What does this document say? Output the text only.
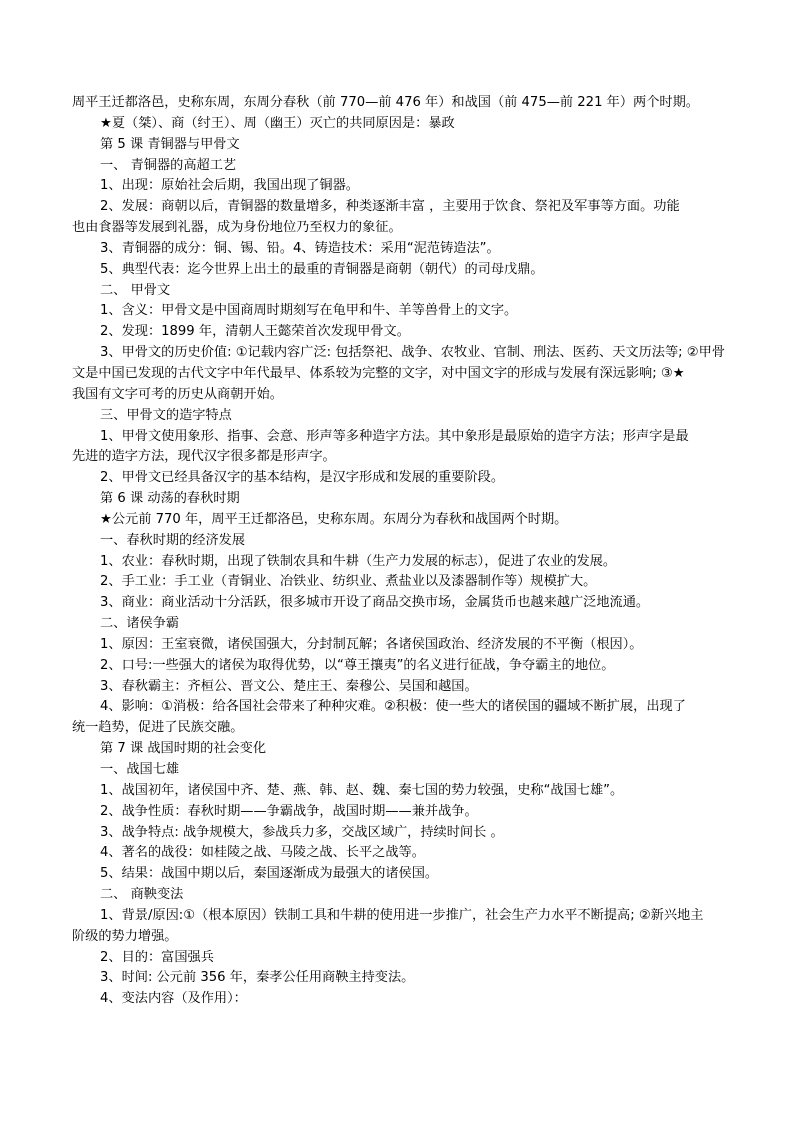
周平王迁都洛邑，史称东周，东周分春秋（前 770—前 476 年）和战国（前 475—前 221 年）两个时期。
★夏（桀）、商（纣王）、周（幽王）灭亡的共同原因是：暴政
第 5 课 青铜器与甲骨文
一、 青铜器的高超工艺
1、出现：原始社会后期，我国出现了铜器。
2、发展：商朝以后，青铜器的数量增多，种类逐渐丰富 ，主要用于饮食、祭祀及军事等方面。功能
也由食器等发展到礼器，成为身份地位乃至权力的象征。
3、青铜器的成分：铜、锡、铅。4、铸造技术：采用“泥范铸造法”。
5、典型代表：迄今世界上出土的最重的青铜器是商朝（朝代）的司母戊鼎。
二、 甲骨文
1、含义：甲骨文是中国商周时期刻写在龟甲和牛、羊等兽骨上的文字。
2、发现：1899 年，清朝人王懿荣首次发现甲骨文。
3、甲骨文的历史价值: ①记载内容广泛: 包括祭祀、战争、农牧业、官制、刑法、医药、天文历法等; ②甲骨
文是中国已发现的古代文字中年代最早、体系较为完整的文字，对中国文字的形成与发展有深远影响; ③★
我国有文字可考的历史从商朝开始。
三、甲骨文的造字特点
1、甲骨文使用象形、指事、会意、形声等多种造字方法。其中象形是最原始的造字方法；形声字是最
先进的造字方法，现代汉字很多都是形声字。
2、甲骨文已经具备汉字的基本结构，是汉字形成和发展的重要阶段。
第 6 课 动荡的春秋时期
★公元前 770 年，周平王迁都洛邑，史称东周。东周分为春秋和战国两个时期。
一、春秋时期的经济发展
1、农业：春秋时期，出现了铁制农具和牛耕（生产力发展的标志），促进了农业的发展。
2、手工业：手工业（青铜业、冶铁业、纺织业、煮盐业以及漆器制作等）规模扩大。
3、商业：商业活动十分活跃，很多城市开设了商品交换市场，金属货币也越来越广泛地流通。
二、诸侯争霸
1、原因：王室衰微，诸侯国强大，分封制瓦解；各诸侯国政治、经济发展的不平衡（根因）。
2、口号:一些强大的诸侯为取得优势，以“尊王攘夷”的名义进行征战，争夺霸主的地位。
3、春秋霸主：齐桓公、晋文公、楚庄王、秦穆公、吴国和越国。
4、影响：①消极：给各国社会带来了种种灾难。②积极：使一些大的诸侯国的疆域不断扩展，出现了
统一趋势，促进了民族交融。
第 7 课 战国时期的社会变化
一、战国七雄
1、战国初年，诸侯国中齐、楚、燕、韩、赵、魏、秦七国的势力较强，史称“战国七雄”。
2、战争性质：春秋时期——争霸战争，战国时期——兼并战争。
3、战争特点: 战争规模大，参战兵力多，交战区域广，持续时间长 。
4、著名的战役：如桂陵之战、马陵之战、长平之战等。
5、结果：战国中期以后，秦国逐渐成为最强大的诸侯国。
二、 商鞅变法
1、背景/原因:①（根本原因）铁制工具和牛耕的使用进一步推广，社会生产力水平不断提高; ②新兴地主
阶级的势力增强。
2、目的：富国强兵
3、时间: 公元前 356 年，秦孝公任用商鞅主持变法。
4、变法内容（及作用）：
